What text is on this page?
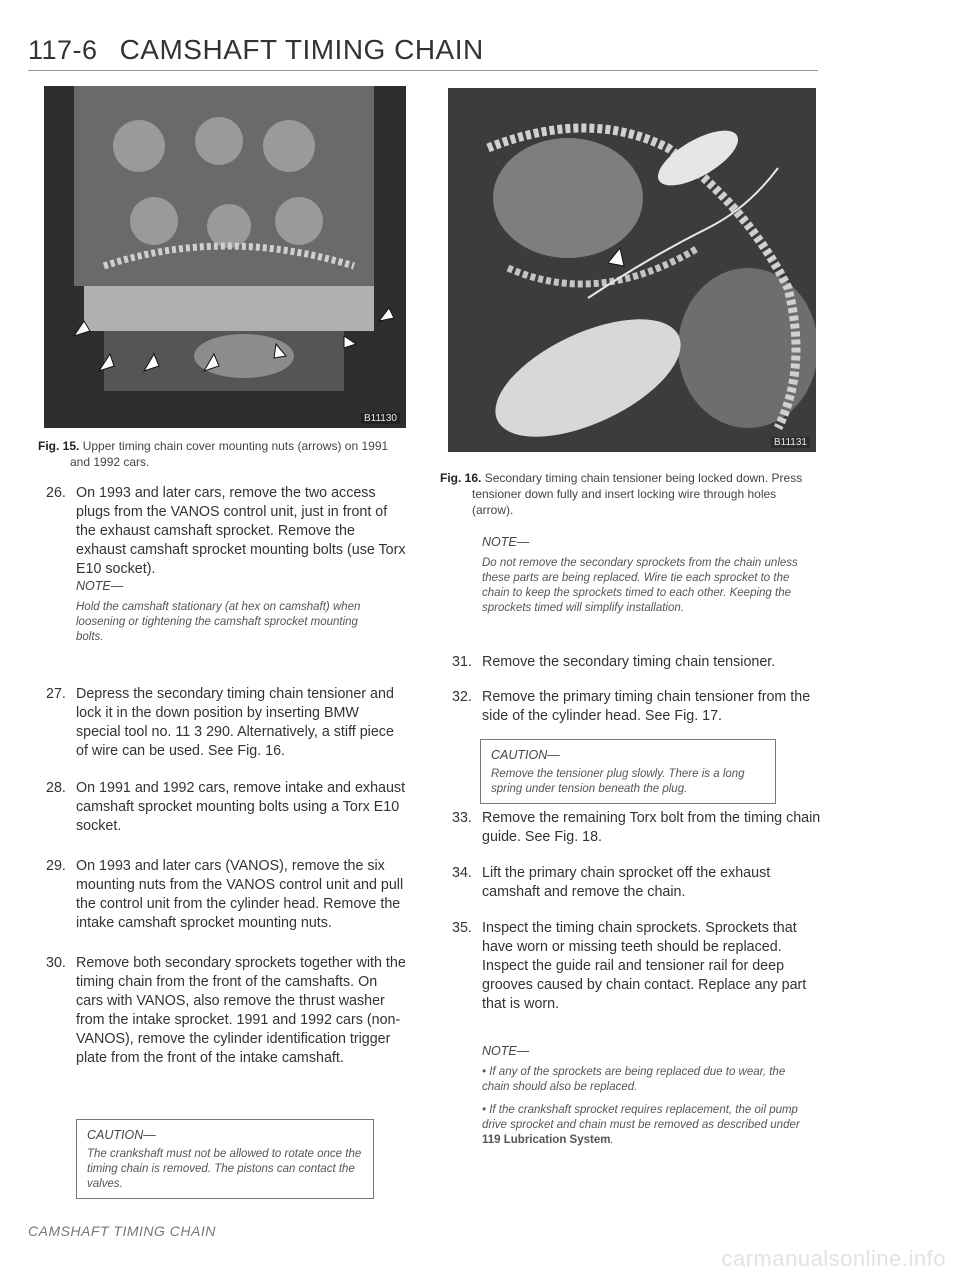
117-6 CAMSHAFT TIMING CHAIN
B11130
B11131
Fig. 15. Upper timing chain cover mounting nuts (arrows) on 1991
and 1992 cars.
Fig. 16. Secondary timing chain tensioner being locked down. Press
tensioner down fully and insert locking wire through holes
(arrow).
26. On 1993 and later cars, remove the two access plugs from the VANOS control unit, just in front of the exhaust camshaft sprocket. Remove the exhaust camshaft sprocket mounting bolts (use Torx E10 socket).
NOTE—
Hold the camshaft stationary (at hex on camshaft) when loosening or tightening the camshaft sprocket mounting bolts.
27. Depress the secondary timing chain tensioner and lock it in the down position by inserting BMW special tool no. 11 3 290. Alternatively, a stiff piece of wire can be used. See Fig. 16.
28. On 1991 and 1992 cars, remove intake and exhaust camshaft sprocket mounting bolts using a Torx E10 socket.
29. On 1993 and later cars (VANOS), remove the six mounting nuts from the VANOS control unit and pull the control unit from the cylinder head. Remove the intake camshaft sprocket mounting nuts.
30. Remove both secondary sprockets together with the timing chain from the front of the camshafts. On cars with VANOS, also remove the thrust washer from the intake sprocket. 1991 and 1992 cars (non-VANOS), remove the cylinder identification trigger plate from the front of the intake camshaft.
CAUTION—
The crankshaft must not be allowed to rotate once the timing chain is removed. The pistons can contact the valves.
NOTE—
Do not remove the secondary sprockets from the chain unless these parts are being replaced. Wire tie each sprocket to the chain to keep the sprockets timed to each other. Keeping the sprockets timed will simplify installation.
31. Remove the secondary timing chain tensioner.
32. Remove the primary timing chain tensioner from the side of the cylinder head. See Fig. 17.
CAUTION—
Remove the tensioner plug slowly. There is a long spring under tension beneath the plug.
33. Remove the remaining Torx bolt from the timing chain guide. See Fig. 18.
34. Lift the primary chain sprocket off the exhaust camshaft and remove the chain.
35. Inspect the timing chain sprockets. Sprockets that have worn or missing teeth should be replaced. Inspect the guide rail and tensioner rail for deep grooves caused by chain contact. Replace any part that is worn.
NOTE—
• If any of the sprockets are being replaced due to wear, the chain should also be replaced.
• If the crankshaft sprocket requires replacement, the oil pump drive sprocket and chain must be removed as described under 119 Lubrication System.
CAMSHAFT TIMING CHAIN
carmanualsonline.info
